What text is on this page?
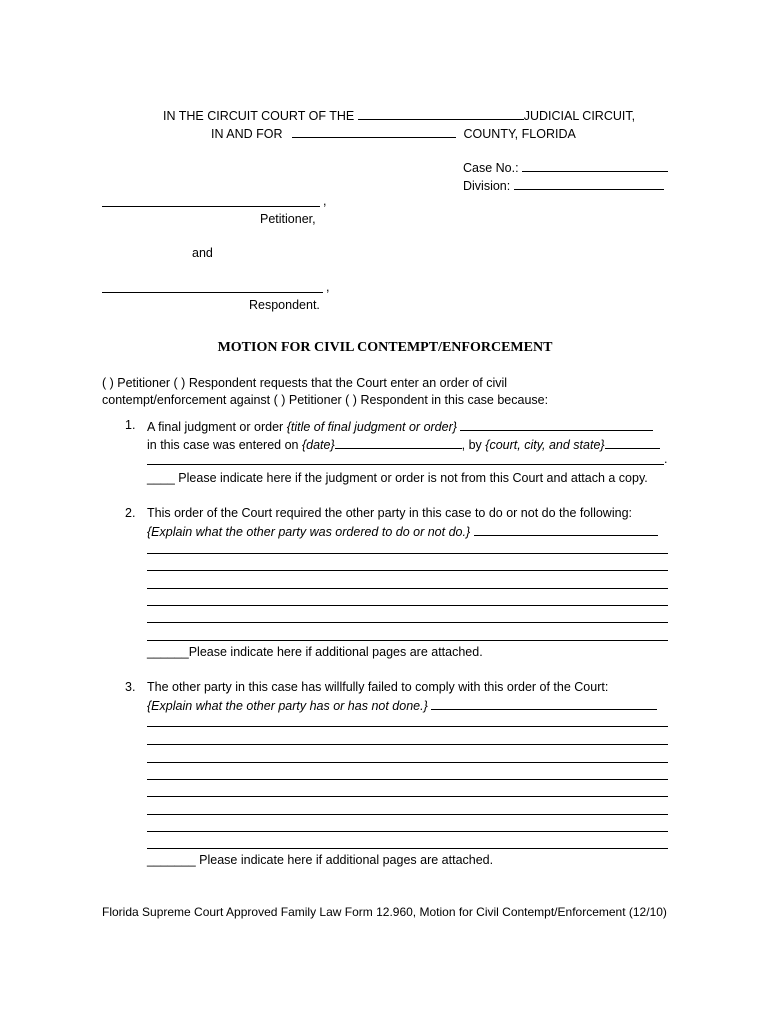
IN THE CIRCUIT COURT OF THE	JUDICIAL CIRCUIT,
IN AND FOR	COUNTY, FLORIDA
Case No.:
Division:
,
Petitioner,
and
,
Respondent.
MOTION FOR CIVIL CONTEMPT/ENFORCEMENT
( ) Petitioner ( ) Respondent requests that the Court enter an order of civil
contempt/enforcement against ( ) Petitioner ( ) Respondent in this case because:
1. A final judgment or order {title of final judgment or order}
in this case was entered on {date}	, by {court, city, and state}
.
____ Please indicate here if the judgment or order is not from this Court and attach a copy.
2. This order of the Court required the other party in this case to do or not do the following:
{Explain what the other party was ordered to do or not do.}
______Please indicate here if additional pages are attached.
3. The other party in this case has willfully failed to comply with this order of the Court:
{Explain what the other party has or has not done.}
_______ Please indicate here if additional pages are attached.
Florida Supreme Court Approved Family Law Form 12.960, Motion for Civil Contempt/Enforcement (12/10)
